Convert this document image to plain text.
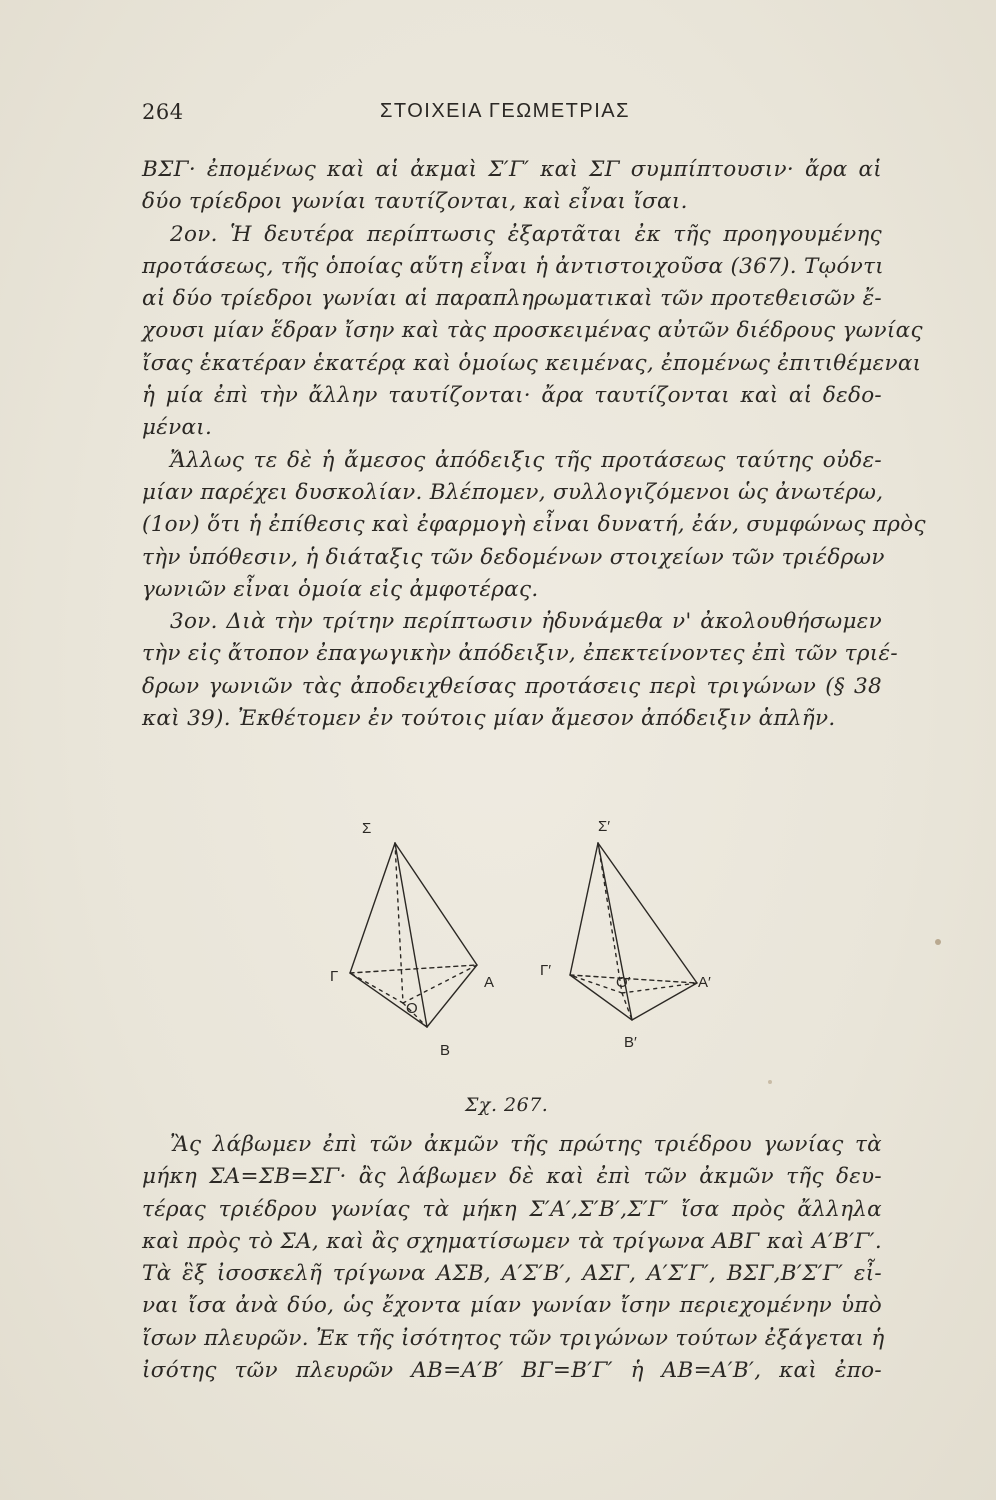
264	ΣΤΟΙΧΕΙΑ ΓΕΩΜΕΤΡΙΑΣ
ΒΣΓ· ἐπομένως καὶ αἱ ἀκμαὶ Σ′Γ′ καὶ ΣΓ συμπίπτουσιν· ἄρα αἱ
δύο τρίεδροι γωνίαι ταυτίζονται, καὶ εἶναι ἴσαι.
2ον. Ἡ δευτέρα περίπτωσις ἐξαρτᾶται ἐκ τῆς προηγουμένης
προτάσεως, τῆς ὁποίας αὕτη εἶναι ἡ ἀντιστοιχοῦσα (367). Τῳόντι
αἱ δύο τρίεδροι γωνίαι αἱ παραπληρωματικαὶ τῶν προτεθεισῶν ἔ-
χουσι μίαν ἕδραν ἴσην καὶ τὰς προσκειμένας αὐτῶν διέδρους γωνίας
ἴσας ἑκατέραν ἑκατέρᾳ καὶ ὁμοίως κειμένας, ἐπομένως ἐπιτιθέμεναι
ἡ μία ἐπὶ τὴν ἄλλην ταυτίζονται· ἄρα ταυτίζονται καὶ αἱ δεδο-
μέναι.
Ἄλλως τε δὲ ἡ ἄμεσος ἀπόδειξις τῆς προτάσεως ταύτης οὐδε-
μίαν παρέχει δυσκολίαν. Βλέπομεν, συλλογιζόμενοι ὡς ἀνωτέρω,
(1ον) ὅτι ἡ ἐπίθεσις καὶ ἐφαρμογὴ εἶναι δυνατή, ἐάν, συμφώνως πρὸς
τὴν ὑπόθεσιν, ἡ διάταξις τῶν δεδομένων στοιχείων τῶν τριέδρων
γωνιῶν εἶναι ὁμοία εἰς ἀμφοτέρας.
3ον. Διὰ τὴν τρίτην περίπτωσιν ἠδυνάμεθα ν' ἀκολουθήσωμεν
τὴν εἰς ἄτοπον ἐπαγωγικὴν ἀπόδειξιν, ἐπεκτείνοντες ἐπὶ τῶν τριέ-
δρων γωνιῶν τὰς ἀποδειχθείσας προτάσεις περὶ τριγώνων (§ 38
καὶ 39). Ἐκθέτομεν ἐν τούτοις μίαν ἄμεσον ἀπόδειξιν ἁπλῆν.
Σ
Γ	Α
Β
Ο
Σ′
Γ′
Α′
Β′
Ο′
Σχ. 267.
Ἂς λάβωμεν ἐπὶ τῶν ἀκμῶν τῆς πρώτης τριέδρου γωνίας τὰ
μήκη ΣΑ=ΣΒ=ΣΓ· ἂς λάβωμεν δὲ καὶ ἐπὶ τῶν ἀκμῶν τῆς δευ-
τέρας τριέδρου γωνίας τὰ μήκη Σ′Α′,Σ′Β′,Σ′Γ′ ἴσα πρὸς ἄλληλα
καὶ πρὸς τὸ ΣΑ, καὶ ἂς σχηματίσωμεν τὰ τρίγωνα ΑΒΓ καὶ Α′Β′Γ′.
Τὰ ἓξ ἰσοσκελῆ τρίγωνα ΑΣΒ, Α′Σ′Β′, ΑΣΓ, Α′Σ′Γ′, ΒΣΓ,Β′Σ′Γ′ εἶ-
ναι ἴσα ἀνὰ δύο, ὡς ἔχοντα μίαν γωνίαν ἴσην περιεχομένην ὑπὸ
ἴσων πλευρῶν. Ἐκ τῆς ἰσότητος τῶν τριγώνων τούτων ἐξάγεται ἡ
ἰσότης τῶν πλευρῶν ΑΒ=Α′Β′ ΒΓ=Β′Γ′ ἡ ΑΒ=Α′Β′, καὶ ἐπο-
